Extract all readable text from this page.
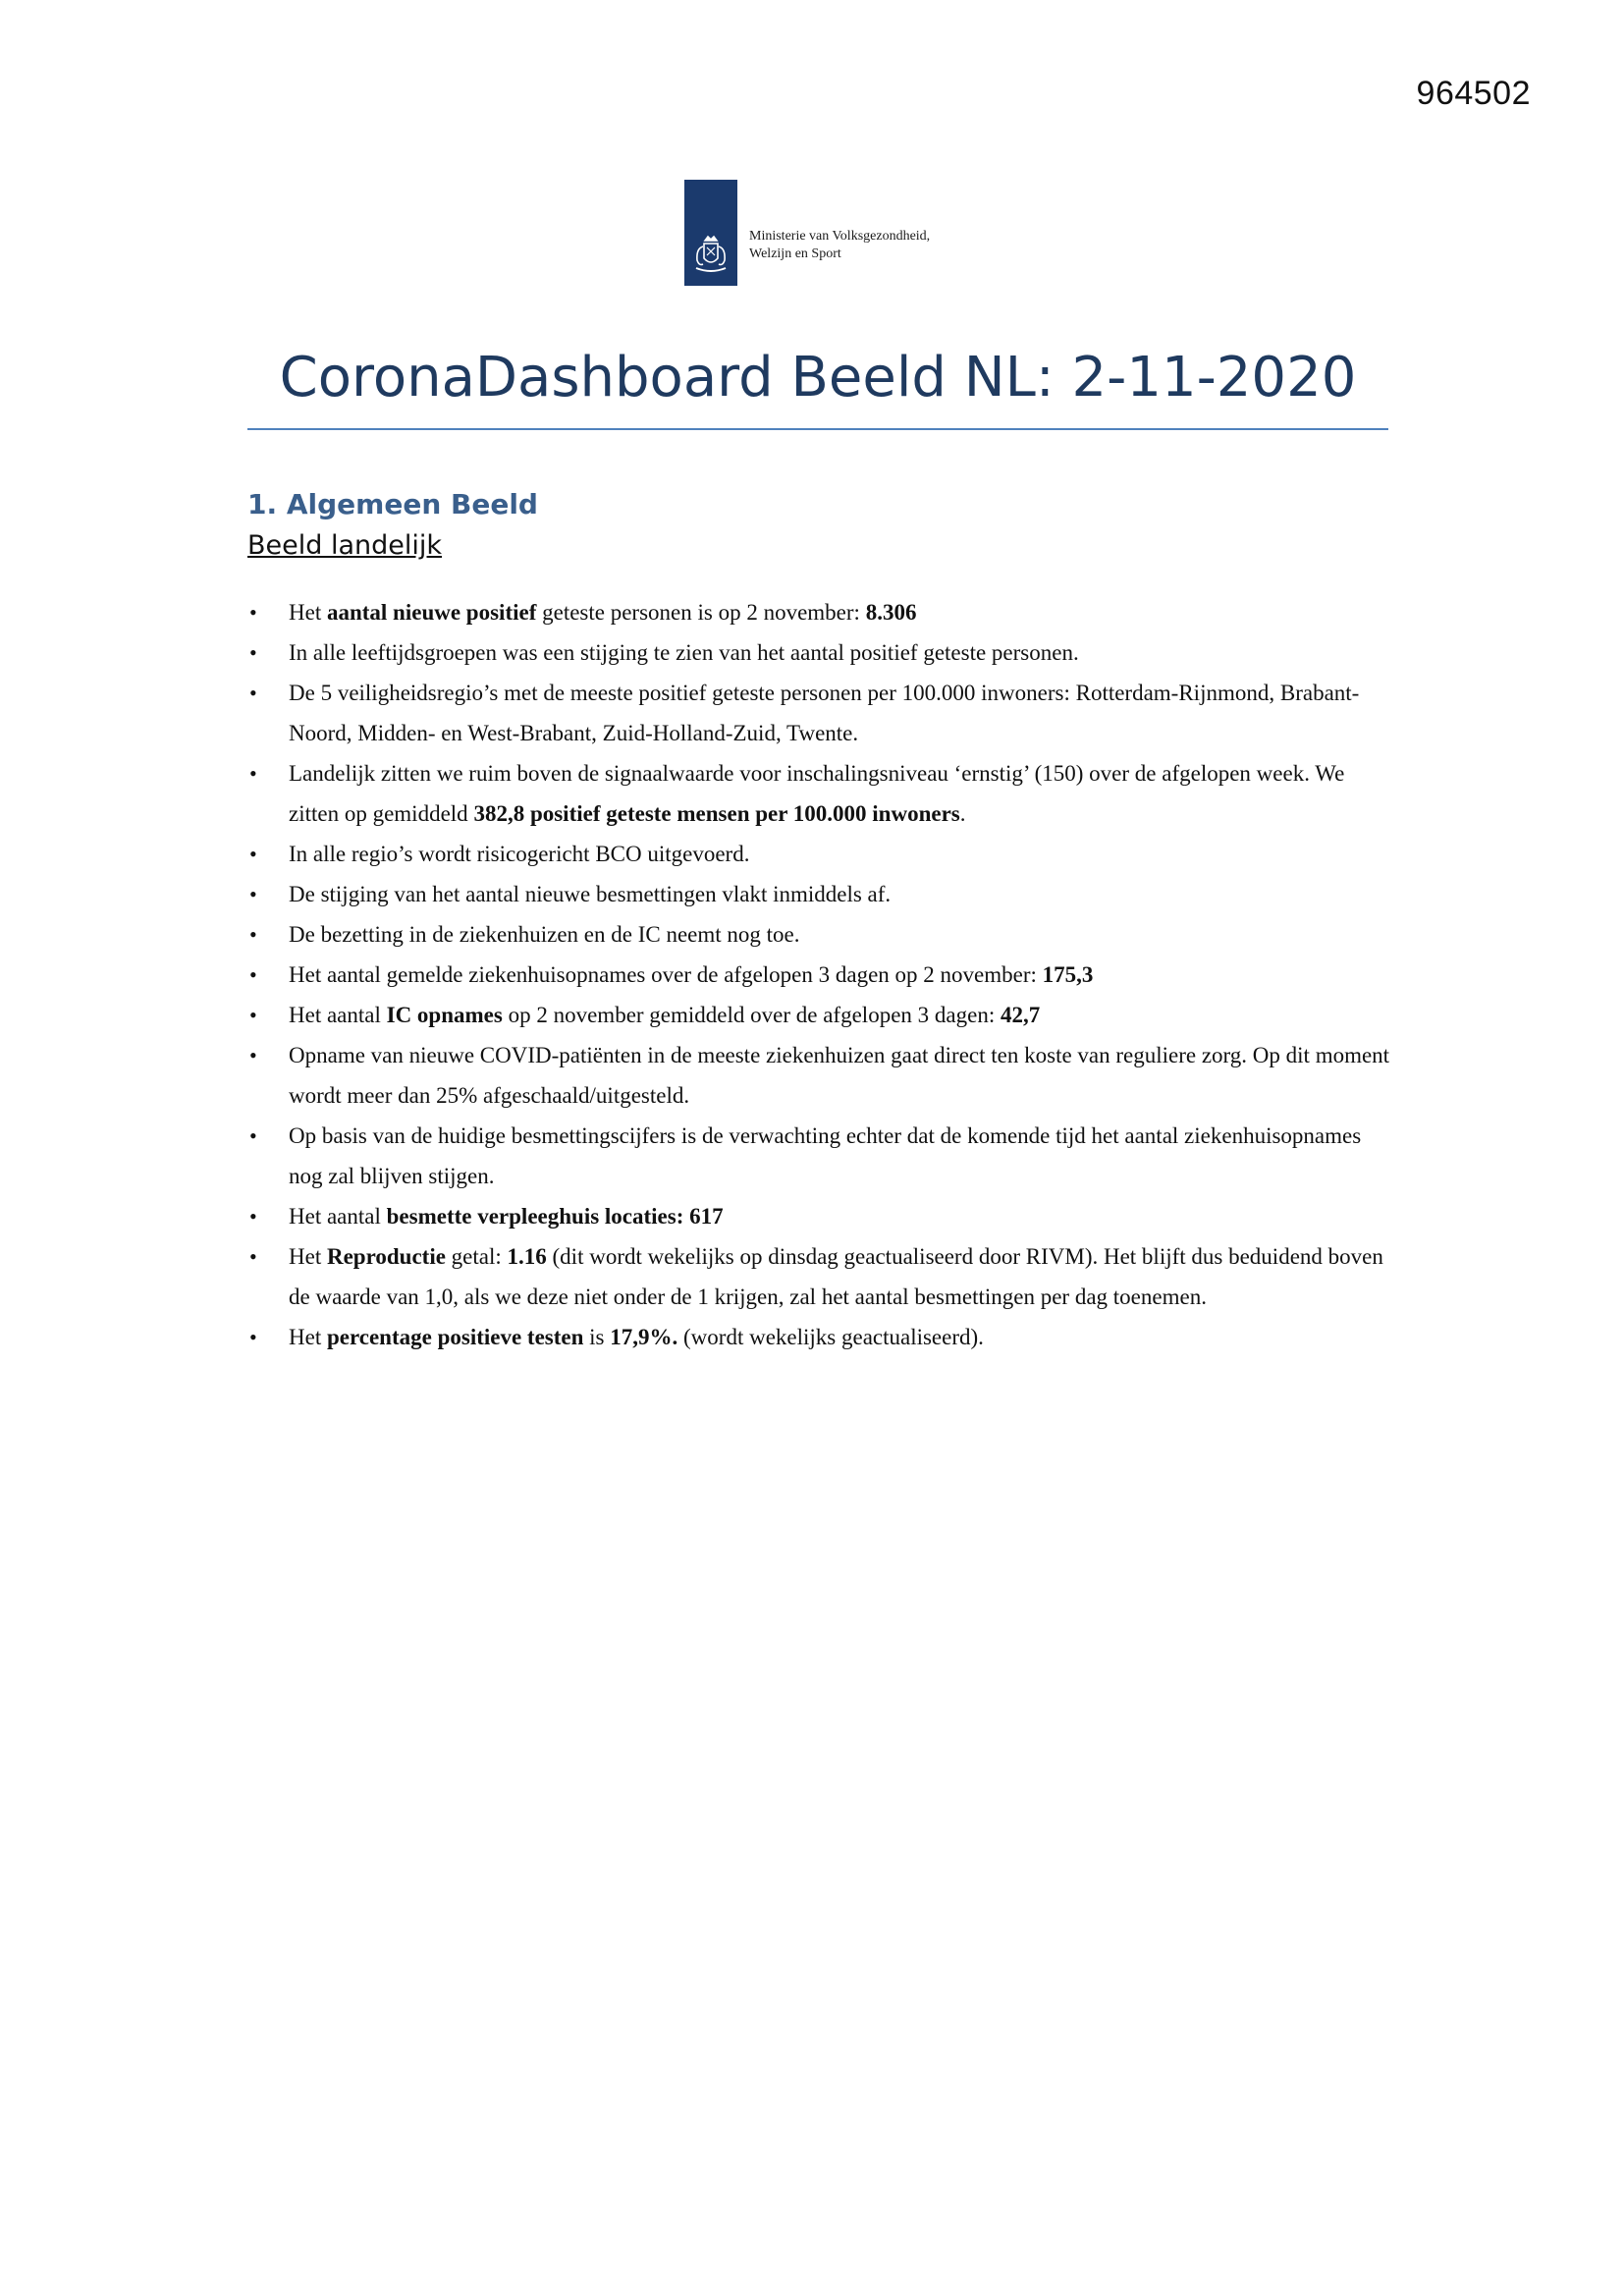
964502
Ministerie van Volksgezondheid,
Welzijn en Sport
CoronaDashboard Beeld NL: 2-11-2020
1. Algemeen Beeld
Beeld landelijk
• Het aantal nieuwe positief geteste personen is op 2 november: 8.306
• In alle leeftijdsgroepen was een stijging te zien van het aantal positief geteste personen.
• De 5 veiligheidsregio’s met de meeste positief geteste personen per 100.000 inwoners: Rotterdam-Rijnmond, Brabant-Noord, Midden- en West-Brabant, Zuid-Holland-Zuid, Twente.
• Landelijk zitten we ruim boven de signaalwaarde voor inschalingsniveau ‘ernstig’ (150) over de afgelopen week. We zitten op gemiddeld 382,8 positief geteste mensen per 100.000 inwoners.
• In alle regio’s wordt risicogericht BCO uitgevoerd.
• De stijging van het aantal nieuwe besmettingen vlakt inmiddels af.
• De bezetting in de ziekenhuizen en de IC neemt nog toe.
• Het aantal gemelde ziekenhuisopnames over de afgelopen 3 dagen op 2 november: 175,3
• Het aantal IC opnames op 2 november gemiddeld over de afgelopen 3 dagen: 42,7
• Opname van nieuwe COVID-patiënten in de meeste ziekenhuizen gaat direct ten koste van reguliere zorg. Op dit moment wordt meer dan 25% afgeschaald/uitgesteld.
• Op basis van de huidige besmettingscijfers is de verwachting echter dat de komende tijd het aantal ziekenhuisopnames nog zal blijven stijgen.
• Het aantal besmette verpleeghuis locaties: 617
• Het Reproductie getal: 1.16 (dit wordt wekelijks op dinsdag geactualiseerd door RIVM). Het blijft dus beduidend boven de waarde van 1,0, als we deze niet onder de 1 krijgen, zal het aantal besmettingen per dag toenemen.
• Het percentage positieve testen is 17,9%. (wordt wekelijks geactualiseerd).
